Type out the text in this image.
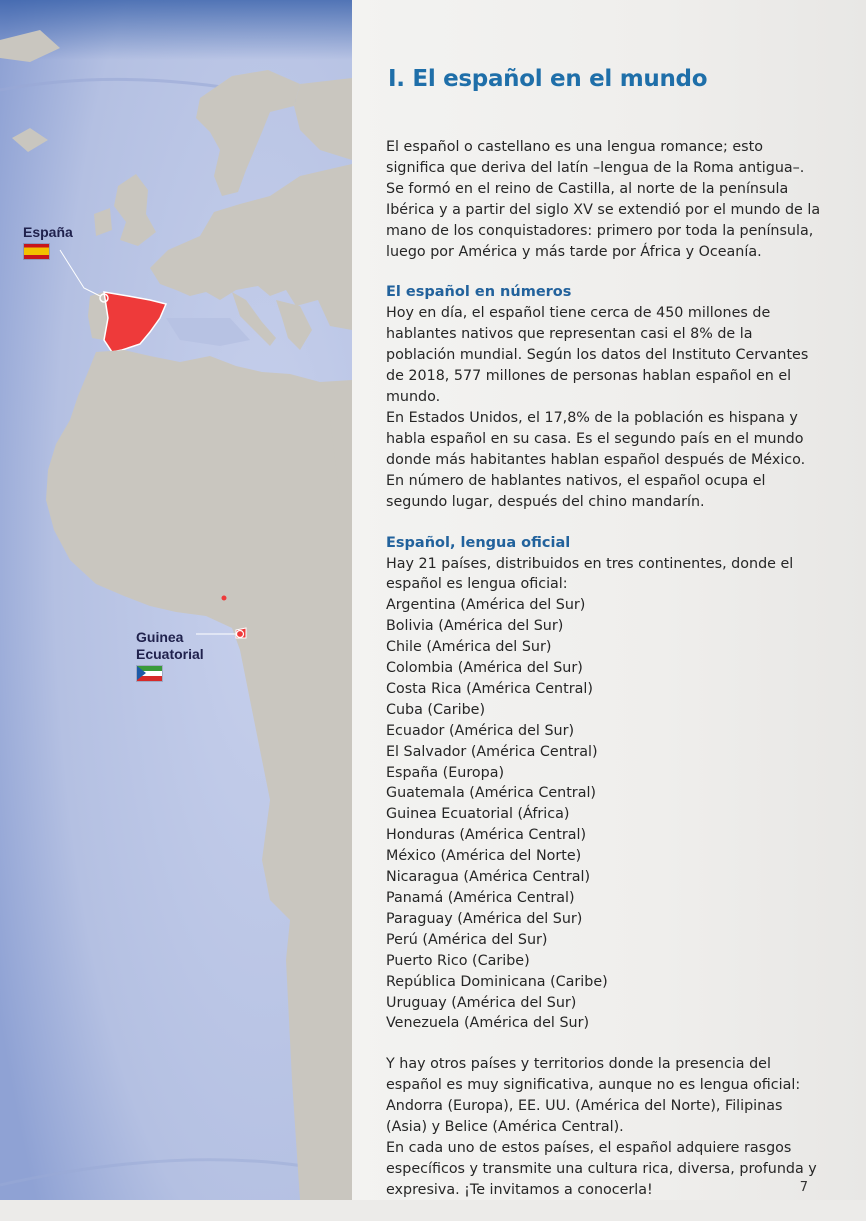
España
Guinea
Ecuatorial
I. El español en el mundo

El español o castellano es una lengua romance; esto significa que deriva del latín –lengua de la Roma antigua–.

Se formó en el reino de Castilla, al norte de la península Ibérica y a partir del siglo XV se extendió por el mundo de la mano de los conquistadores: primero por toda la península, luego por América y más tarde por África y Oceanía.

El español en números

Hoy en día, el español tiene cerca de 450 millones de hablantes nativos que representan casi el 8% de la población mundial. Según los datos del Instituto Cervantes de 2018, 577 millones de personas hablan español en el mundo.

En Estados Unidos, el 17,8% de la población es hispana y habla español en su casa. Es el segundo país en el mundo donde más habitantes hablan español después de México.

En número de hablantes nativos, el español ocupa el segundo lugar, después del chino mandarín.

Español, lengua oficial

Hay 21 países, distribuidos en tres continentes, donde el español es lengua oficial:

Argentina (América del Sur)
Bolivia (América del Sur)
Chile (América del Sur)
Colombia (América del Sur)
Costa Rica (América Central)
Cuba (Caribe)
Ecuador (América del Sur)
El Salvador (América Central)
España (Europa)
Guatemala (América Central)
Guinea Ecuatorial (África)
Honduras (América Central)
México (América del Norte)
Nicaragua (América Central)
Panamá (América Central)
Paraguay (América del Sur)
Perú (América del Sur)
Puerto Rico (Caribe)
República Dominicana (Caribe)
Uruguay (América del Sur)
Venezuela (América del Sur)

Y hay otros países y territorios donde la presencia del español es muy significativa, aunque no es lengua oficial: Andorra (Europa), EE. UU. (América del Norte), Filipinas (Asia) y Belice (América Central).

En cada uno de estos países, el español adquiere rasgos específicos y transmite una cultura rica, diversa, profunda y expresiva. ¡Te invitamos a conocerla!	7
